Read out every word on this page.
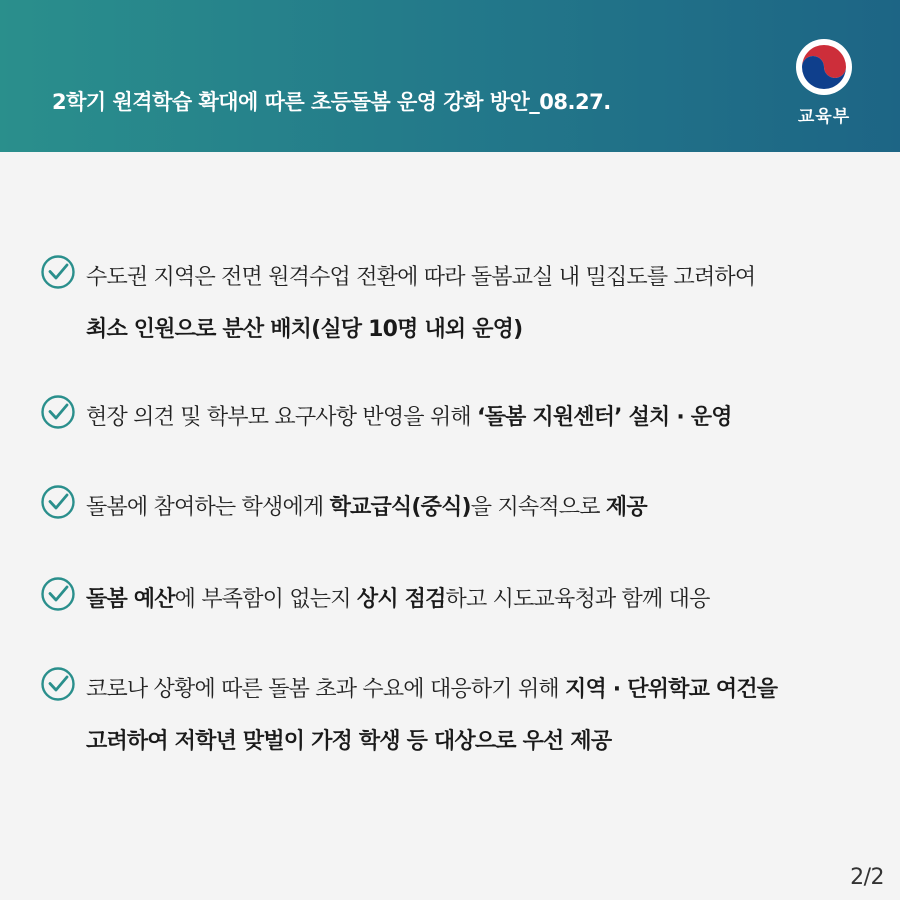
2학기 원격학습 확대에 따른 초등돌봄 운영 강화 방안_08.27.
교육부
수도권 지역은 전면 원격수업 전환에 따라 돌봄교실 내 밀집도를 고려하여
최소 인원으로 분산 배치(실당 10명 내외 운영)
현장 의견 및 학부모 요구사항 반영을 위해 ‘돌봄 지원센터’ 설치 · 운영
돌봄에 참여하는 학생에게 학교급식(중식)을 지속적으로 제공
돌봄 예산에 부족함이 없는지 상시 점검하고 시도교육청과 함께 대응
코로나 상황에 따른 돌봄 초과 수요에 대응하기 위해 지역 · 단위학교 여건을
고려하여 저학년 맞벌이 가정 학생 등 대상으로 우선 제공
2/2
